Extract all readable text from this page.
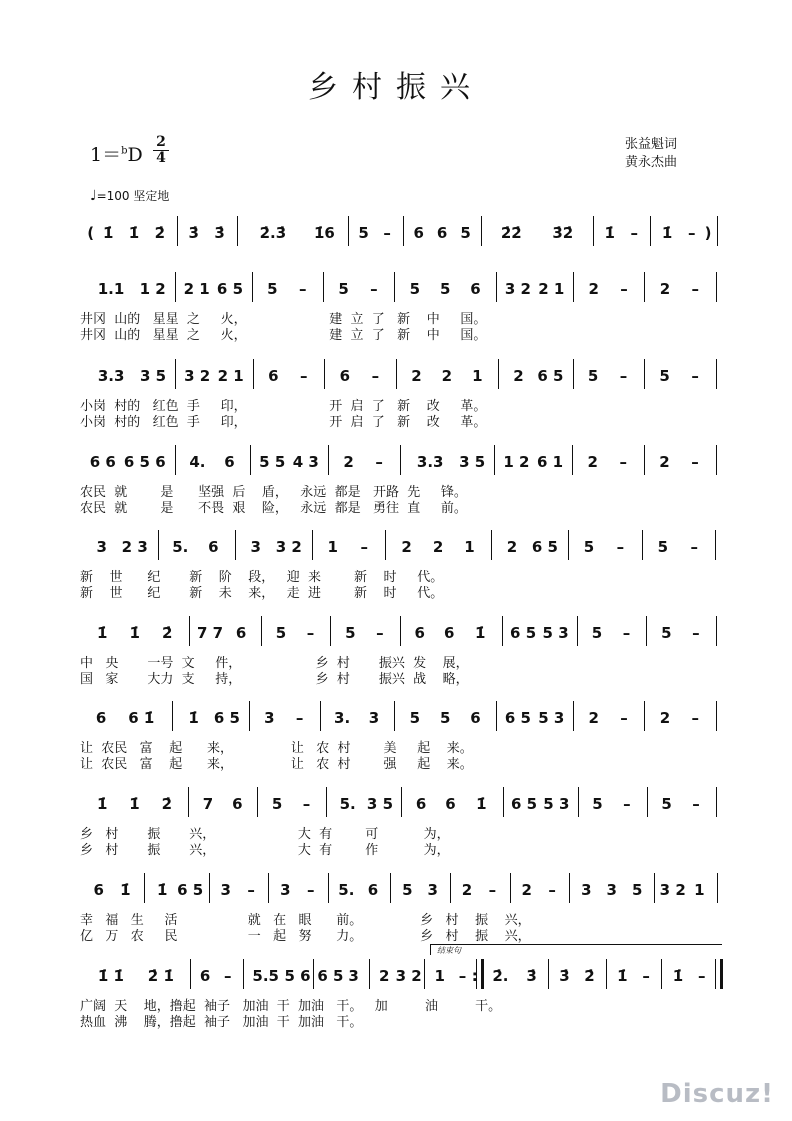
乡村振兴
1＝$^b$D
2
4
张益魁词
黄永杰曲
♩=100 坚定地
( 1̇	1̇	2̇	3̇	3̇	2̇.3̇	1̇6	5 –	6 6 5	2̇2̇	3̇2̇	1̇	–	1̇	– )
1.1	1 2 2 1 6 5	5	–	5	–	5	5	6	3 2 2 1	2	–	2	–
井冈  山的   星星  之     火，                    建  立  了   新    中     国。
井冈  山的   星星  之     火，                    建  立  了   新    中     国。
3.3	3 5 3 2 2 1	6	–	6	–	2	2	1	2 6 5	5	–	5	–
小岗  村的   红色  手     印，                    开  启  了   新    改     革。
小岗  村的   红色  手     印，                    开  启  了   新    改     革。
6 6 6 5 6	4.	6	5 5 4 3	2	–	3.3	3 5 1 2 6 1	2	–	2	–
农民  就        是      坚强  后    盾，   永远  都是   开路  先     锋。
农民  就        是      不畏  艰    险，   永远  都是   勇往  直     前。
3 2 3	5.	6	3 3 2	1	–	2	2	1	2 6 5	5	–	5	–
新    世      纪       新    阶    段，   迎  来        新    时     代。
新    世      纪       新    未    来，   走  进        新    时     代。
1̇	1̇	2̇	7 7 6	5	–	5	–	6	6	1̇	6 5 5 3	5	–	5	–
中   央       一号  文     件，                  乡  村       振兴  发    展，
国   家       大力  支     持，                  乡  村       振兴  战    略，
6	6 1̇	1̇	6 5	3	–	3.	3	5	5	6	6 5 5 3	2	–	2	–
让  农民   富    起      来，              让   农  村        美     起    来。
让  农民   富    起      来，              让   农  村        强     起    来。
1̇	1̇	2̇	7	6	5	–	5. 3 5	6	6	1̇	6 5 5 3	5	–	5	–
乡   村       振       兴，                    大  有        可           为，
乡   村       振       兴，                    大  有        作           为，
6	1̇	1̇ 6 5	3	–	3	–	5. 6	5 3	2	–	2	–	3 3 5	3 2 1
幸   福   生     活                 就   在   眼      前。              乡   村    振    兴，
亿   万   农     民                 一   起   努      力。              乡   村    振    兴，
1̇ 1̇	2̇ 1̇	6 –	5.5 5 6 6 5 3	2 3 2 1 – : 2̇.	3̇	3̇ 2̇	1̇ –	1̇ –
广阔  天    地，撸起  袖子   加油  干  加油   干。   加         油         干。
热血  沸    腾，撸起  袖子   加油  干  加油   干。
结束句
Discuz!
